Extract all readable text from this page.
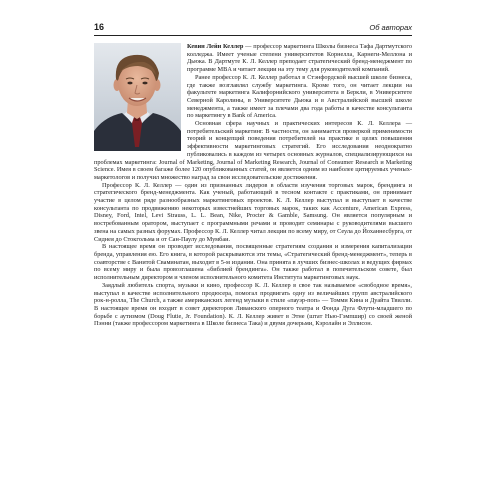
16	Об авторах

Кевин Лейн Келлер — профессор маркетинга Школы бизнеса Тафа Дартмутского колледжа. Имеет ученые степени университетов Корнелла, Карнеги-Меллона и Дьюка. В Дартмуте К. Л. Келлер преподает стратегический бренд-менеджмент по программе MBA и читает лекции на эту тему для руководителей компаний.

Ранее профессор К. Л. Келлер работал в Стэнфордской высшей школе бизнеса, где также возглавлял службу маркетинга. Кроме того, он читает лекции на факультете маркетинга Калифорнийского университета в Беркли, в Университете Северной Каролины, в Университете Дьюка и в Австралийской высшей школе менеджмента, а также имеет за плечами два года работы в качестве консультанта по маркетингу в Bank of America.

Основная сфера научных и практических интересов К. Л. Келлера — потребительский маркетинг. В частности, он занимается проверкой применимости теорий и концепций поведения потребителей на практике в целях повышения эффективности маркетинговых стратегий. Его исследования неоднократно публиковались в каждом из четырех основных журналов, специализирующихся на проблемах маркетинга: Journal of Marketing, Journal of Marketing Research, Journal of Consumer Research и Marketing Science. Имея в своем багаже более 120 опубликованных статей, он является одним из наиболее цитируемых ученых-маркетологов и получил множество наград за свои исследовательские достижения.

Профессор К. Л. Келлер — один из признанных лидеров в области изучения торговых марок, брендинга и стратегического бренд-менеджмента. Как ученый, работающий в тесном контакте с практиками, он принимает участие в целом ряде разнообразных маркетинговых проектов. К. Л. Келлер выступал и выступает в качестве консультанта по продвижению некоторых известнейших торговых марок, таких как Accenture, American Express, Disney, Ford, Intel, Levi Strauss, L. L. Bean, Nike, Procter & Gamble, Samsung. Он является популярным и востребованным оратором, выступает с программными речами и проводит семинары с руководителями высшего звена на самых разных форумах. Профессор К. Л. Келлер читал лекции по всему миру, от Сеула до Йоханнесбурга, от Сиднея до Стокгольма и от Сан-Паулу до Мумбаи.

В настоящее время он проводит исследования, посвященные стратегиям создания и измерения капитализации бренда, управления ею. Его книга, в которой раскрываются эти темы, «Стратегический бренд-менеджмент», теперь в соавторстве с Ванитой Сваминатан, выходит в 5-м издании. Она принята в лучших бизнес-школах и ведущих фирмах по всему миру и была провозглашена «библией брендинга». Он также работал в попечительском совете, был исполнительным директором и членом исполнительного комитета Института маркетинговых наук.

Заядлый любитель спорта, музыки и кино, профессор К. Л. Келлер в свое так называемое «свободное время», выступал в качестве исполнительного продюсера, помогал продвигать одну из величайших групп австралийского рок-н-ролла, The Church, а также американских легенд музыки в стиле «пауэр-поп» — Томми Кина и Дуайта Твилли. В настоящее время он входит в совет директоров Ливанского оперного театра и Фонда Дуга Флути-младшего по борьбе с аутизмом (Doug Flutie, Jr. Foundation). К. Л. Келлер живет в Этне (штат Нью-Гэмпшир) со своей женой Пэнни (также профессором маркетинга в Школе бизнеса Така) и двумя дочерьми, Кэролайн и Эллисон.
